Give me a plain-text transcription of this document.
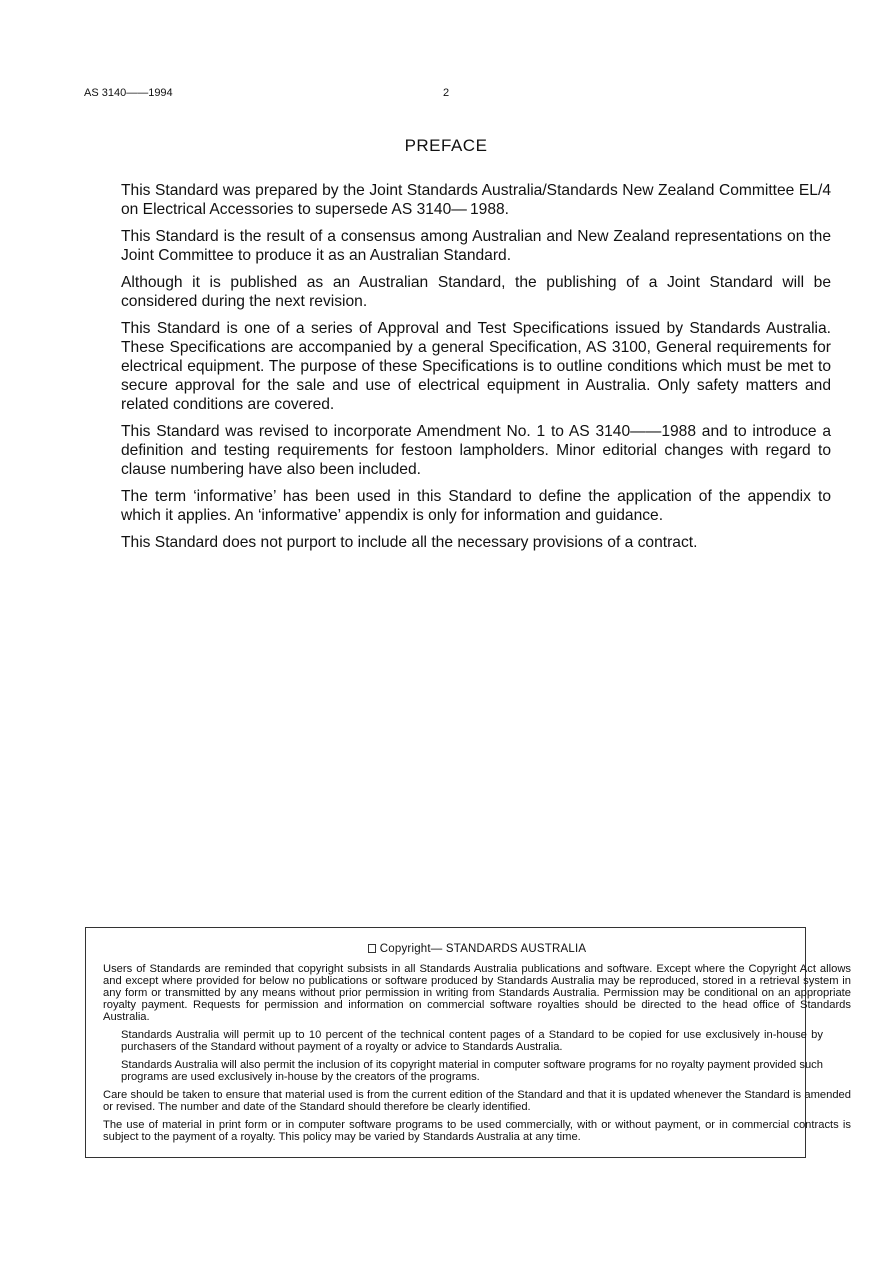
AS 3140——1994	2
PREFACE

This Standard was prepared by the Joint Standards Australia/Standards New Zealand Committee EL/4 on Electrical Accessories to supersede AS 3140— 1988.

This Standard is the result of a consensus among Australian and New Zealand representations on the Joint Committee to produce it as an Australian Standard.

Although it is published as an Australian Standard, the publishing of a Joint Standard will be considered during the next revision.

This Standard is one of a series of Approval and Test Specifications issued by Standards Australia. These Specifications are accompanied by a general Specification, AS 3100, General requirements for electrical equipment. The purpose of these Specifications is to outline conditions which must be met to secure approval for the sale and use of electrical equipment in Australia. Only safety matters and related conditions are covered.

This Standard was revised to incorporate Amendment No. 1 to AS 3140——1988 and to introduce a definition and testing requirements for festoon lampholders. Minor editorial changes with regard to clause numbering have also been included.

The term ‘informative’ has been used in this Standard to define the application of the appendix to which it applies. An ‘informative’ appendix is only for information and guidance.

This Standard does not purport to include all the necessary provisions of a contract.

Copyright— STANDARDS AUSTRALIA

Users of Standards are reminded that copyright subsists in all Standards Australia publications and software. Except where the Copyright Act allows and except where provided for below no publications or software produced by Standards Australia may be reproduced, stored in a retrieval system in any form or transmitted by any means without prior permission in writing from Standards Australia. Permission may be conditional on an appropriate royalty payment. Requests for permission and information on commercial software royalties should be directed to the head office of Standards Australia.

Standards Australia will permit up to 10 percent of the technical content pages of a Standard to be copied for use exclusively in-house by purchasers of the Standard without payment of a royalty or advice to Standards Australia.

Standards Australia will also permit the inclusion of its copyright material in computer software programs for no royalty payment provided such programs are used exclusively in-house by the creators of the programs.

Care should be taken to ensure that material used is from the current edition of the Standard and that it is updated whenever the Standard is amended or revised. The number and date of the Standard should therefore be clearly identified.

The use of material in print form or in computer software programs to be used commercially, with or without payment, or in commercial contracts is subject to the payment of a royalty. This policy may be varied by Standards Australia at any time.
